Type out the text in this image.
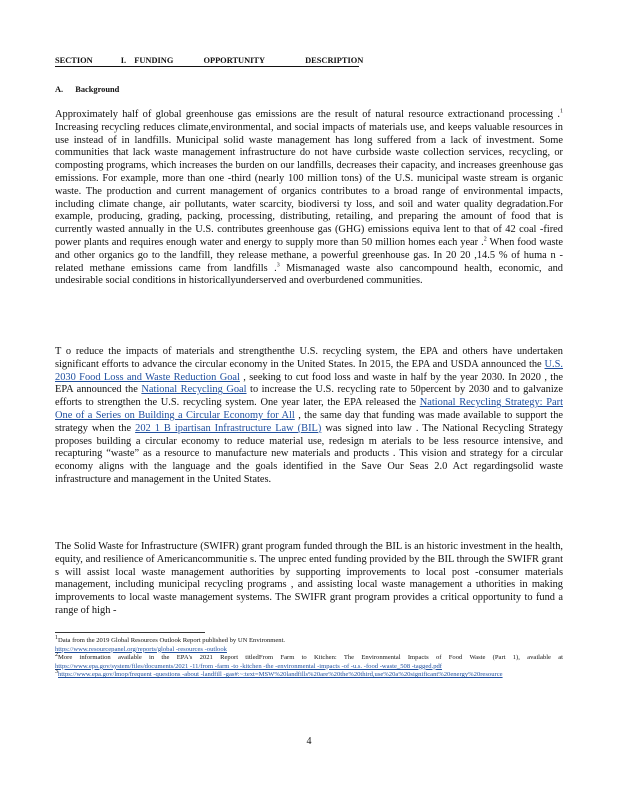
SECTION	I. FUNDING	OPPORTUNITY	DESCRIPTION
A. Background

Approximately half of global greenhouse gas emissions are the result of natural resource extractionand processing .$^1$ Increasing recycling reduces climate,environmental, and social impacts of materials use, and keeps valuable resources in use instead of in landfills. Municipal solid waste management has long suffered from a lack of investment. Some communities that lack waste management infrastructure do not have curbside waste collection services, recycling, or composting programs, which increases the burden on our landfills, decreases their capacity, and increases greenhouse gas emissions. For example, more than one -third (nearly 100 million tons) of the U.S. municipal waste stream is organic waste. The production and current management of organics contributes to a broad range of environmental impacts, including climate change, air pollutants, water scarcity, biodiversi ty loss, and soil and water quality degradation.For example, producing, grading, packing, processing, distributing, retailing, and preparing the amount of food that is currently wasted annually in the U.S. contributes greenhouse gas (GHG) emissions equiva lent to that of 42 coal -fired power plants and requires enough water and energy to supply more than 50 million homes each year .$^2$ When food waste and other organics go to the landfill, they release methane, a powerful greenhouse gas. In 20 20 ,14.5 % of huma n -related methane emissions came from landfills .$^3$ Mismanaged waste also cancompound health, economic, and undesirable social conditions in historicallyunderserved and overburdened communities.

T o reduce the impacts of materials and strengthenthe U.S. recycling system, the EPA and others have undertaken significant efforts to advance the circular economy in the United States. In 2015, the EPA and USDA announced the U.S. 2030 Food Loss and Waste Reduction Goal , seeking to cut food loss and waste in half by the year 2030. In 2020 , the EPA announced the National Recycling Goal to increase the U.S. recycling rate to 50percent by 2030 and to galvanize efforts to strengthen the U.S. recycling system. One year later, the EPA released the National Recycling Strategy: Part One of a Series on Building a Circular Economy for All , the same day that funding was made available to support the strategy when the 202 1 B ipartisan Infrastructure Law (BIL) was signed into law . The National Recycling Strategy proposes building a circular economy to reduce material use, redesign m aterials to be less resource intensive, and recapturing “waste” as a resource to manufacture new materials and products . This vision and strategy for a circular economy aligns with the language and the goals identified in the Save Our Seas 2.0 Act regardingsolid waste infrastructure and management in the United States.

The Solid Waste for Infrastructure (SWIFR) grant program funded through the BIL is an historic investment in the health, equity, and resilience of Americancommunitie s. The unprec ented funding provided by the BIL through the SWIFR grant s will assist local waste management authorities by supporting improvements to local post -consumer materials management, including municipal recycling programs , and assisting local waste management a uthorities in making improvements to local waste management systems. The SWIFR grant program provides a critical opportunity to fund a range of high -

$^1$Data from the 2019 Global Resources Outlook Report published by UN Environment.
https://www.resourcepanel.org/reports/global -resources -outlook

$^2$More information available in the EPA's 2021 Report titledFrom Farm to Kitchen: The Environmental Impacts of Food Waste (Part 1), available at https://www.epa.gov/system/files/documents/2021 -11/from -farm -to -kitchen -the -environmental -impacts -of -u.s. -food -waste_508 -tagged.pdf

$^3$https://www.epa.gov/lmop/frequent -questions -about -landfill -gas#:~:text=MSW%20landfills%20are%20the%20third,use%20a%20significant%20energy%20resource

4
